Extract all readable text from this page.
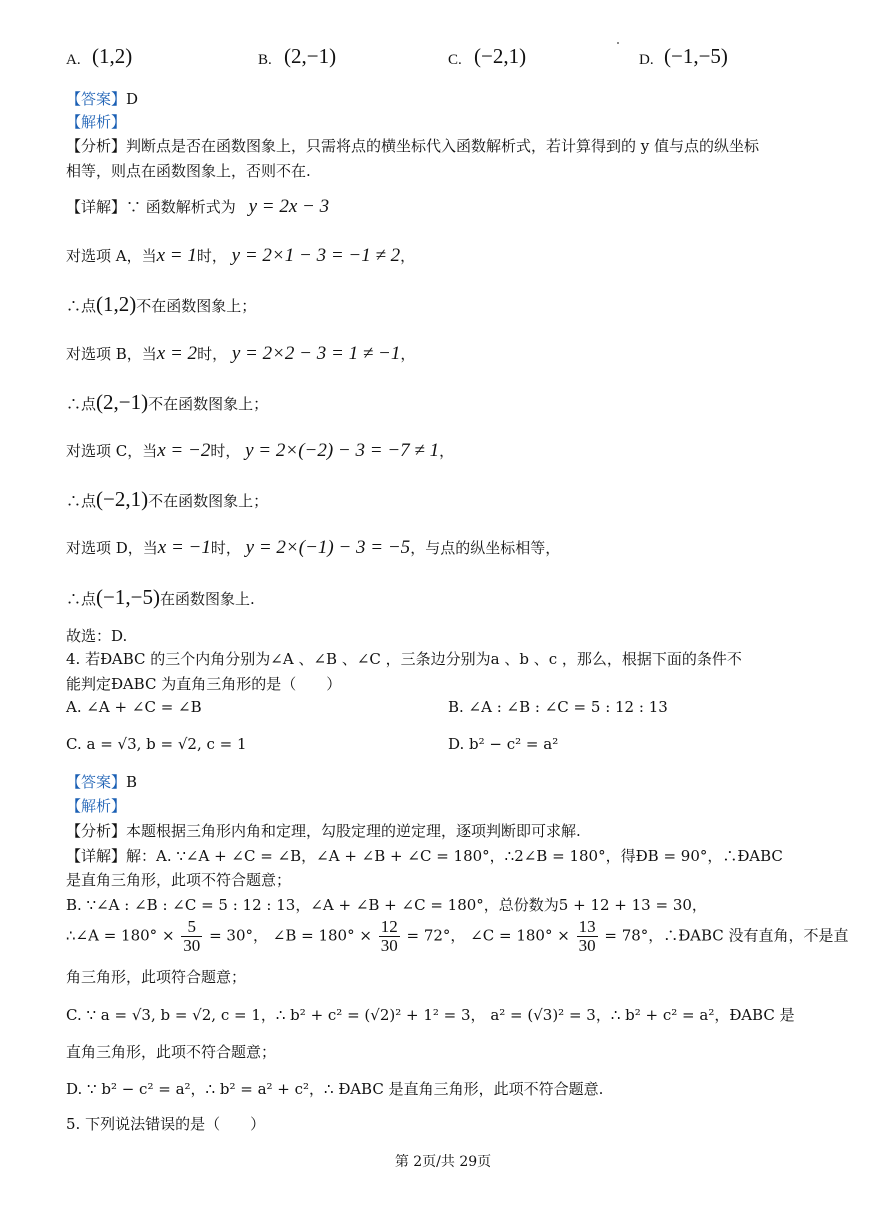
A. (1,2)	B. (2,−1)	C. (−2,1)	D. (−1,−5)
【答案】D
【解析】
【分析】判断点是否在函数图象上，只需将点的横坐标代入函数解析式，若计算得到的 y 值与点的纵坐标
相等，则点在函数图象上，否则不在.
【详解】∵ 函数解析式为 y = 2x − 3
对选项 A，当x = 1时， y = 2×1 − 3 = −1 ≠ 2，
∴点(1,2)不在函数图象上；
对选项 B，当x = 2时， y = 2×2 − 3 = 1 ≠ −1，
∴点(2,−1)不在函数图象上；
对选项 C，当x = −2时， y = 2×(−2) − 3 = −7 ≠ 1，
∴点(−2,1)不在函数图象上；
对选项 D，当x = −1时， y = 2×(−1) − 3 = −5，与点的纵坐标相等，
∴点(−1,−5)在函数图象上.
故选：D.
4. 若ÐABC 的三个内角分别为∠A 、∠B 、∠C ，三条边分别为a 、b 、c ，那么，根据下面的条件不
能判定ÐABC 为直角三角形的是（　　）
A. ∠A + ∠C = ∠B	B. ∠A : ∠B : ∠C = 5 : 12 : 13
C. a = √3, b = √2, c = 1	D. b² − c² = a²
【答案】B
【解析】
【分析】本题根据三角形内角和定理，勾股定理的逆定理，逐项判断即可求解.
【详解】解：A. ∵∠A + ∠C = ∠B，∠A + ∠B + ∠C = 180°，∴2∠B = 180°，得ÐB = 90°，∴ÐABC
是直角三角形，此项不符合题意；
B. ∵∠A : ∠B : ∠C = 5 : 12 : 13，∠A + ∠B + ∠C = 180°，总份数为5 + 12 + 13 = 30，
∴∠A = $180^\circ \times \frac{5}{30} = 30^\circ$， ∠B = $180^\circ \times \frac{12}{30} = 72^\circ$， ∠C = $180^\circ \times \frac{13}{30} = 78^\circ$，∴ÐABC 没有直角，不是直
角三角形，此项符合题意；
C. ∵ a = √3, b = √2, c = 1，∴ b² + c² = (√2)² + 1² = 3， a² = (√3)² = 3，∴ b² + c² = a²，ÐABC 是
直角三角形，此项不符合题意；
D. ∵ b² − c² = a²，∴ b² = a² + c²，∴ ÐABC 是直角三角形，此项不符合题意.
5. 下列说法错误的是（　　）
第 2页/共 29页
